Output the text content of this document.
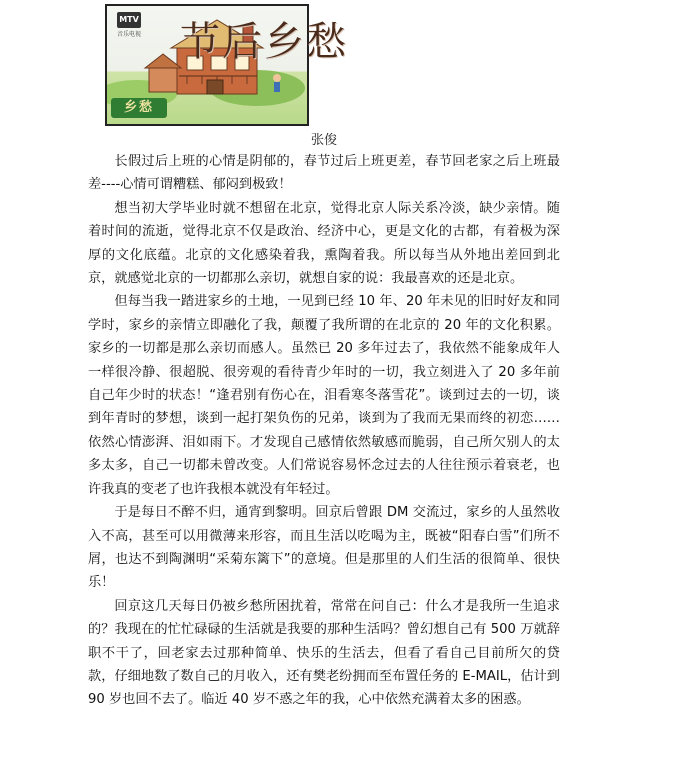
MTV
音乐电视
乡愁
节后乡愁
张俊

长假过后上班的心情是阴郁的，春节过后上班更差，春节回老家之后上班最差----心情可谓糟糕、郁闷到极致！

想当初大学毕业时就不想留在北京，觉得北京人际关系冷淡，缺少亲情。随着时间的流逝，觉得北京不仅是政治、经济中心，更是文化的古都，有着极为深厚的文化底蕴。北京的文化感染着我，熏陶着我。所以每当从外地出差回到北京，就感觉北京的一切都那么亲切，就想自家的说：我最喜欢的还是北京。

但每当我一踏进家乡的土地，一见到已经 10 年、20 年未见的旧时好友和同学时，家乡的亲情立即融化了我，颠覆了我所谓的在北京的 20 年的文化积累。家乡的一切都是那么亲切而感人。虽然已 20 多年过去了，我依然不能象成年人一样很冷静、很超脱、很旁观的看待青少年时的一切，我立刻进入了 20 多年前自己年少时的状态！“逢君别有伤心在，泪看寒冬落雪花”。谈到过去的一切，谈到年青时的梦想，谈到一起打架负伤的兄弟，谈到为了我而无果而终的初恋……依然心情澎湃、泪如雨下。才发现自己感情依然敏感而脆弱，自己所欠别人的太多太多，自己一切都未曾改变。人们常说容易怀念过去的人往往预示着衰老，也许我真的变老了也许我根本就没有年轻过。

于是每日不醉不归，通宵到黎明。回京后曾跟 DM 交流过，家乡的人虽然收入不高，甚至可以用微薄来形容，而且生活以吃喝为主，既被“阳春白雪”们所不屑，也达不到陶渊明“采菊东篱下”的意境。但是那里的人们生活的很简单、很快乐！

回京这几天每日仍被乡愁所困扰着，常常在问自己：什么才是我所一生追求的？我现在的忙忙碌碌的生活就是我要的那种生活吗？曾幻想自己有 500 万就辞职不干了，回老家去过那种简单、快乐的生活去，但看了看自己目前所欠的贷款，仔细地数了数自己的月收入，还有樊老纷拥而至布置任务的 E-MAIL，估计到 90 岁也回不去了。临近 40 岁不惑之年的我，心中依然充满着太多的困惑。
